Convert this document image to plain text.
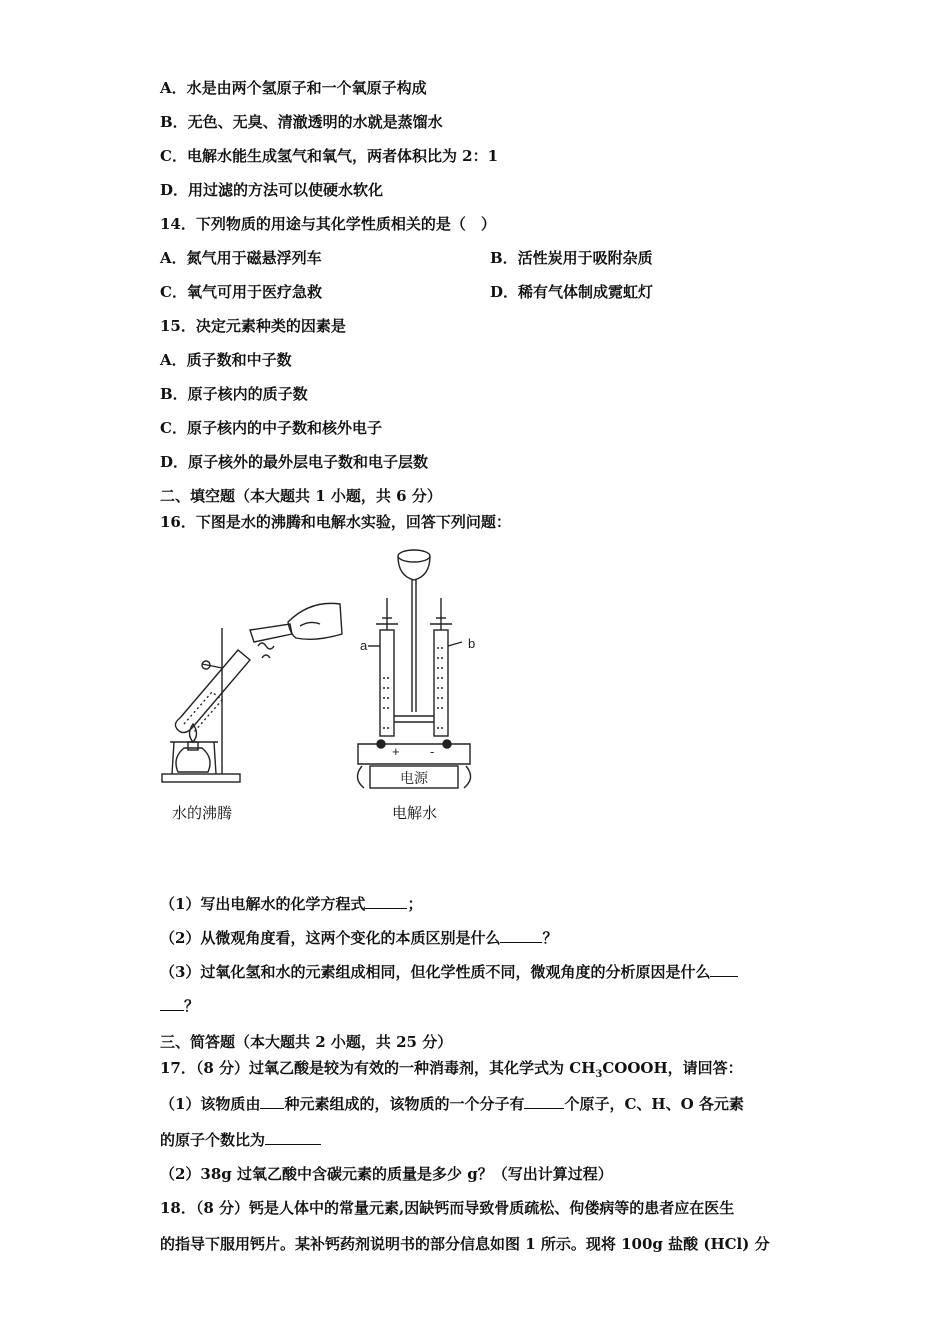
A．水是由两个氢原子和一个氧原子构成
B．无色、无臭、清澈透明的水就是蒸馏水
C．电解水能生成氢气和氧气，两者体积比为 2：1
D．用过滤的方法可以使硬水软化
14．下列物质的用途与其化学性质相关的是（　）
A．氮气用于磁悬浮列车	B．活性炭用于吸附杂质
C．氧气可用于医疗急救	D．稀有气体制成霓虹灯
15．决定元素种类的因素是
A．质子数和中子数
B．原子核内的质子数
C．原子核内的中子数和核外电子
D．原子核外的最外层电子数和电子层数
二、填空题（本大题共 1 小题，共 6 分）
16．下图是水的沸腾和电解水实验，回答下列问题：
a	b
+ -
电源
水的沸腾	电解水
（1）写出电解水的化学方程式	；
（2）从微观角度看，这两个变化的本质区别是什么	？
（3）过氧化氢和水的元素组成相同，但化学性质不同，微观角度的分析原因是什么
？
三、简答题（本大题共 2 小题，共 25 分）
17．（8 分）过氧乙酸是较为有效的一种消毒剂，其化学式为 $CH_3COOOH$，请回答：
（1）该物质由 种元素组成的，该物质的一个分子有	个原子，C、H、O 各元素
的原子个数比为
（2）38g 过氧乙酸中含碳元素的质量是多少 g？（写出计算过程）
18．（8 分）钙是人体中的常量元素,因缺钙而导致骨质疏松、佝偻病等的患者应在医生
的指导下服用钙片。某补钙药剂说明书的部分信息如图 1 所示。现将 100g 盐酸 (HCl) 分
